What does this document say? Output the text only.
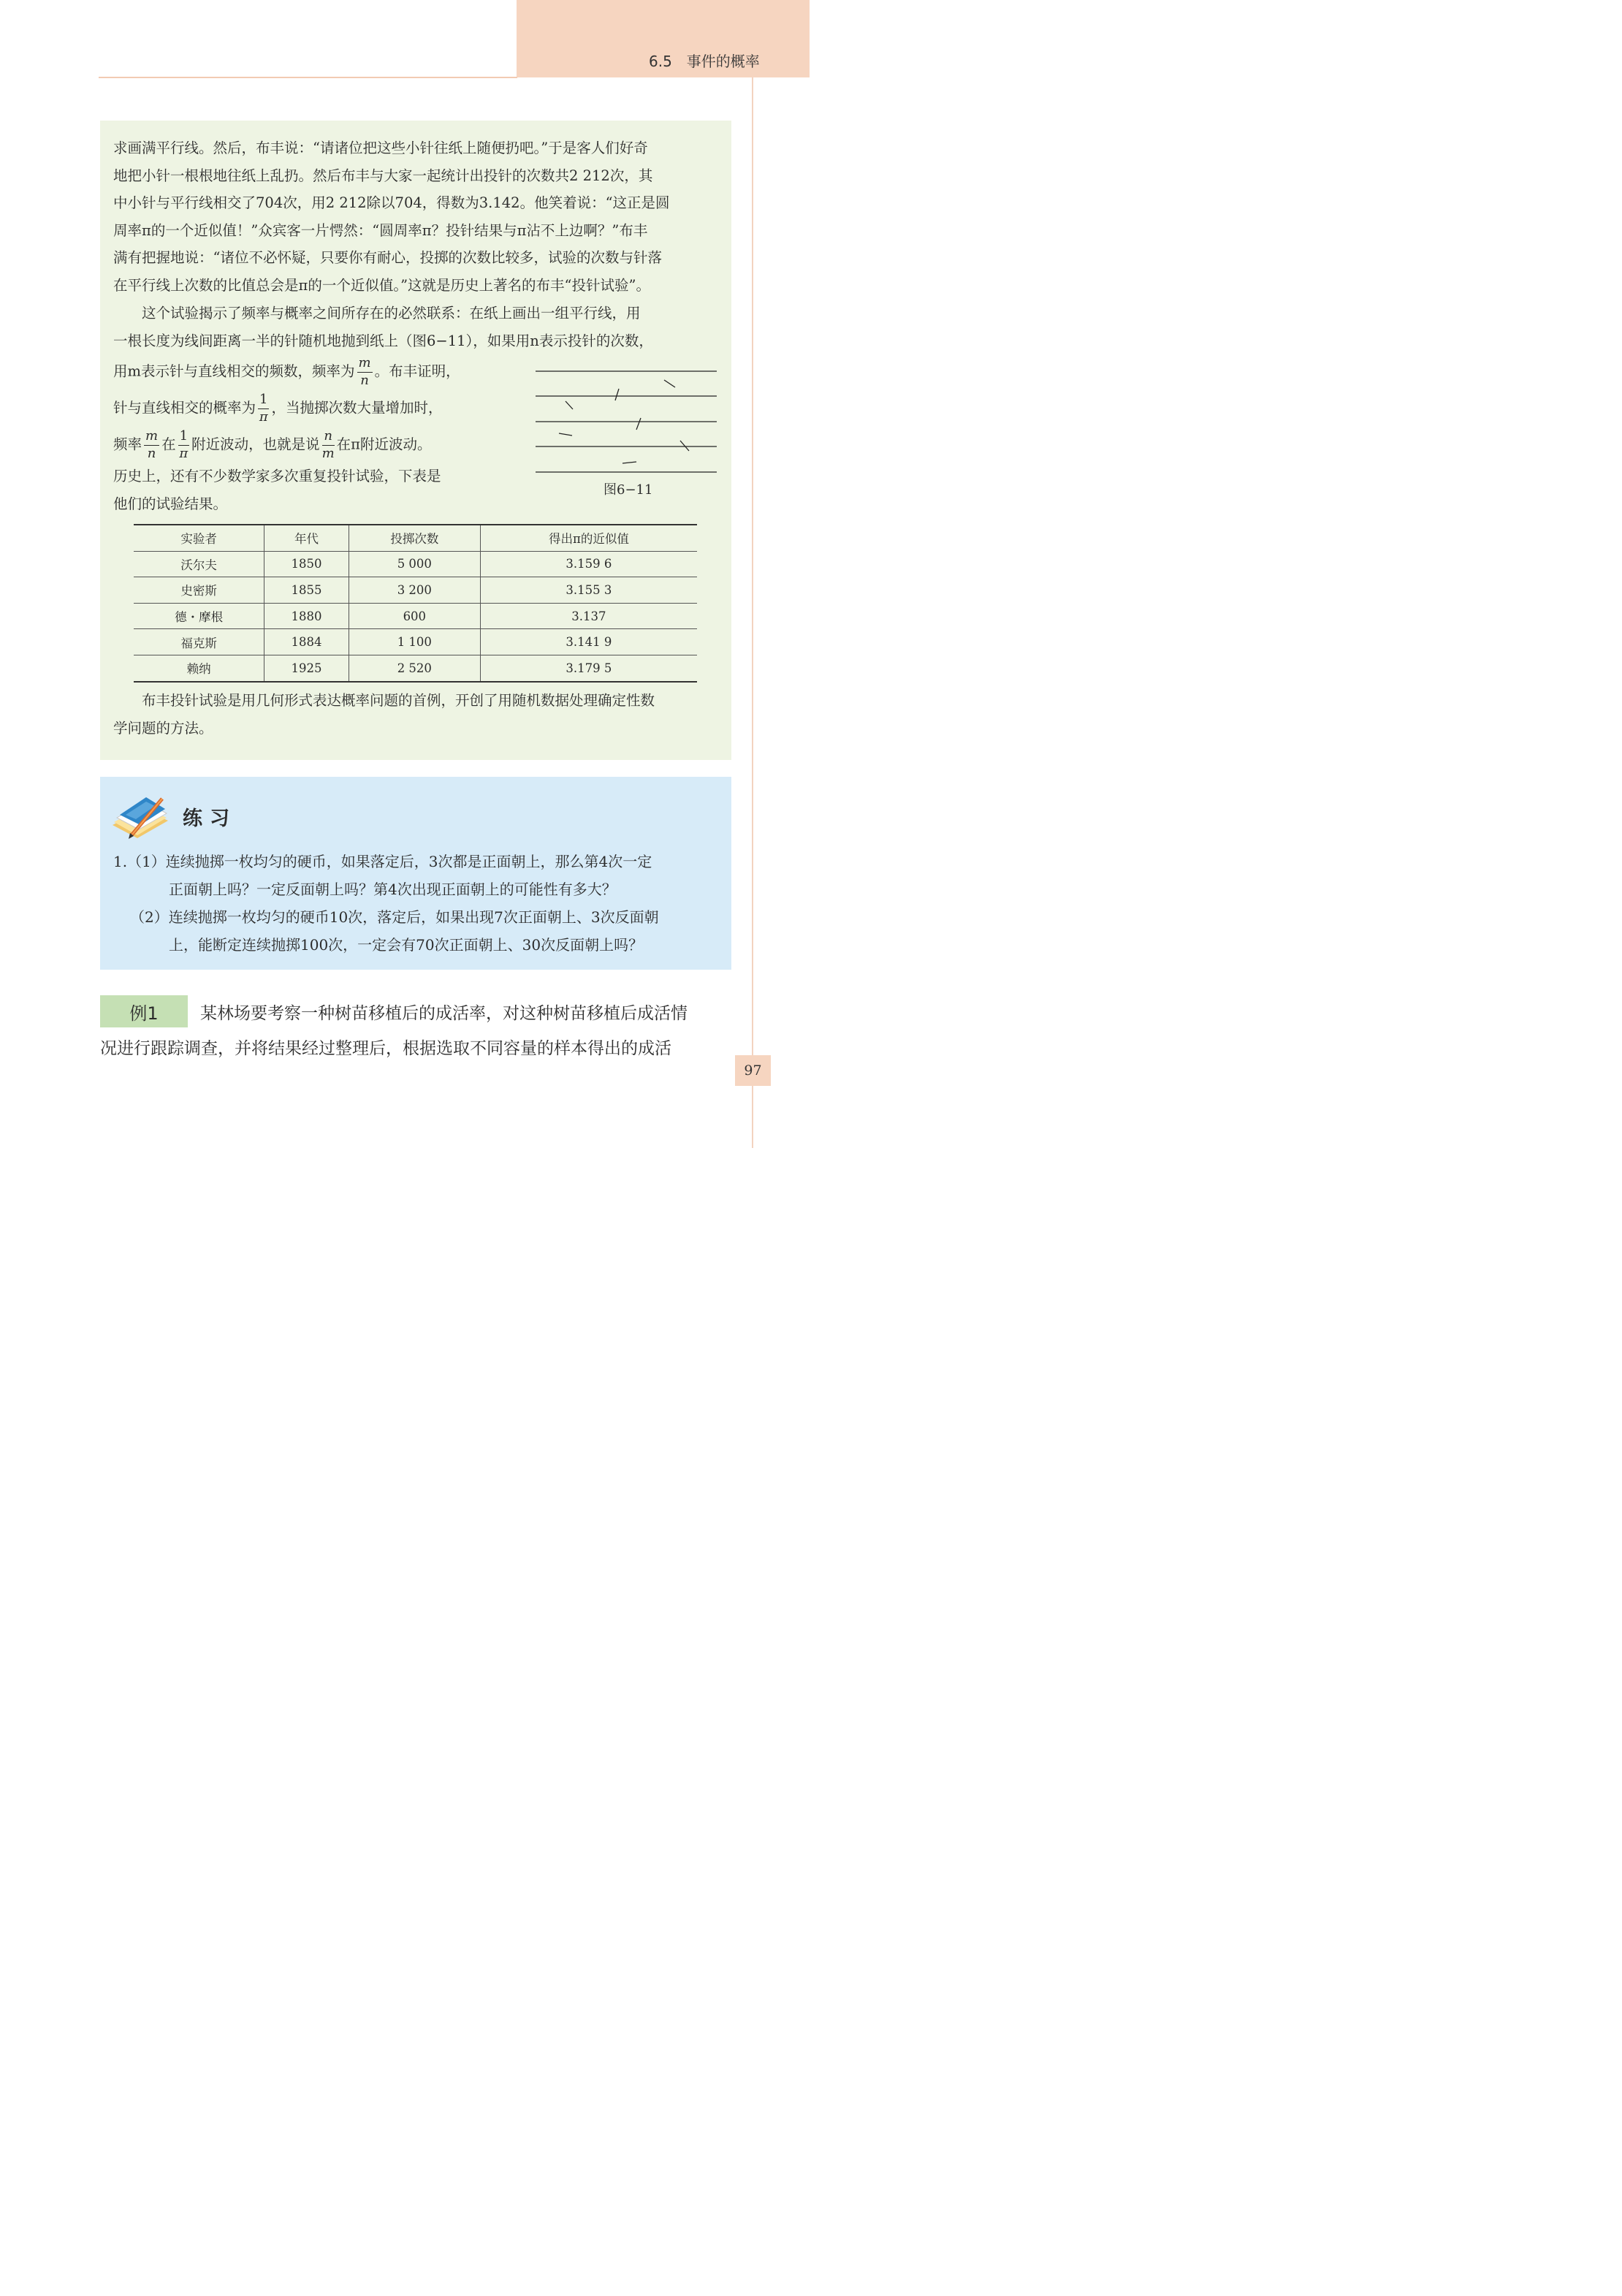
6.5　事件的概率

求画满平行线。然后，布丰说：“请诸位把这些小针往纸上随便扔吧。”于是客人们好奇

地把小针一根根地往纸上乱扔。然后布丰与大家一起统计出投针的次数共2 212次，其

中小针与平行线相交了704次，用2 212除以704，得数为3.142。他笑着说：“这正是圆

周率π的一个近似值！”众宾客一片愕然：“圆周率π？投针结果与π沾不上边啊？”布丰

满有把握地说：“诸位不必怀疑，只要你有耐心，投掷的次数比较多，试验的次数与针落

在平行线上次数的比值总会是π的一个近似值。”这就是历史上著名的布丰“投针试验”。

　　这个试验揭示了频率与概率之间所存在的必然联系：在纸上画出一组平行线，用

一根长度为线间距离一半的针随机地抛到纸上（图6−11），如果用n表示投针的次数，

用m表示针与直线相交的频数，频率为 $\frac{m}{n}$ 。布丰证明，
针与直线相交的概率为 $\frac{1}{\pi}$ ，当抛掷次数大量增加时，
频率 $\frac{m}{n}$ 在 $\frac{1}{\pi}$ 附近波动，也就是说 $\frac{n}{m}$ 在π附近波动。

历史上，还有不少数学家多次重复投针试验，下表是

他们的试验结果。

图6−11
实验者	年代	投掷次数	得出π的近似值
沃尔夫	1850	5 000	3.159 6
史密斯	1855	3 200	3.155 3
德・摩根	1880	600	3.137
福克斯	1884	1 100	3.141 9
赖纳	1925	2 520	3.179 5

　　布丰投针试验是用几何形式表达概率问题的首例，开创了用随机数据处理确定性数

学问题的方法。

练习
1.（1）连续抛掷一枚均匀的硬币，如果落定后，3次都是正面朝上，那么第4次一定
正面朝上吗？一定反面朝上吗？第4次出现正面朝上的可能性有多大？
（2）连续抛掷一枚均匀的硬币10次，落定后，如果出现7次正面朝上、3次反面朝
上，能断定连续抛掷100次，一定会有70次正面朝上、30次反面朝上吗？
例1	某林场要考察一种树苗移植后的成活率，对这种树苗移植后成活情
况进行跟踪调查，并将结果经过整理后，根据选取不同容量的样本得出的成活
97
